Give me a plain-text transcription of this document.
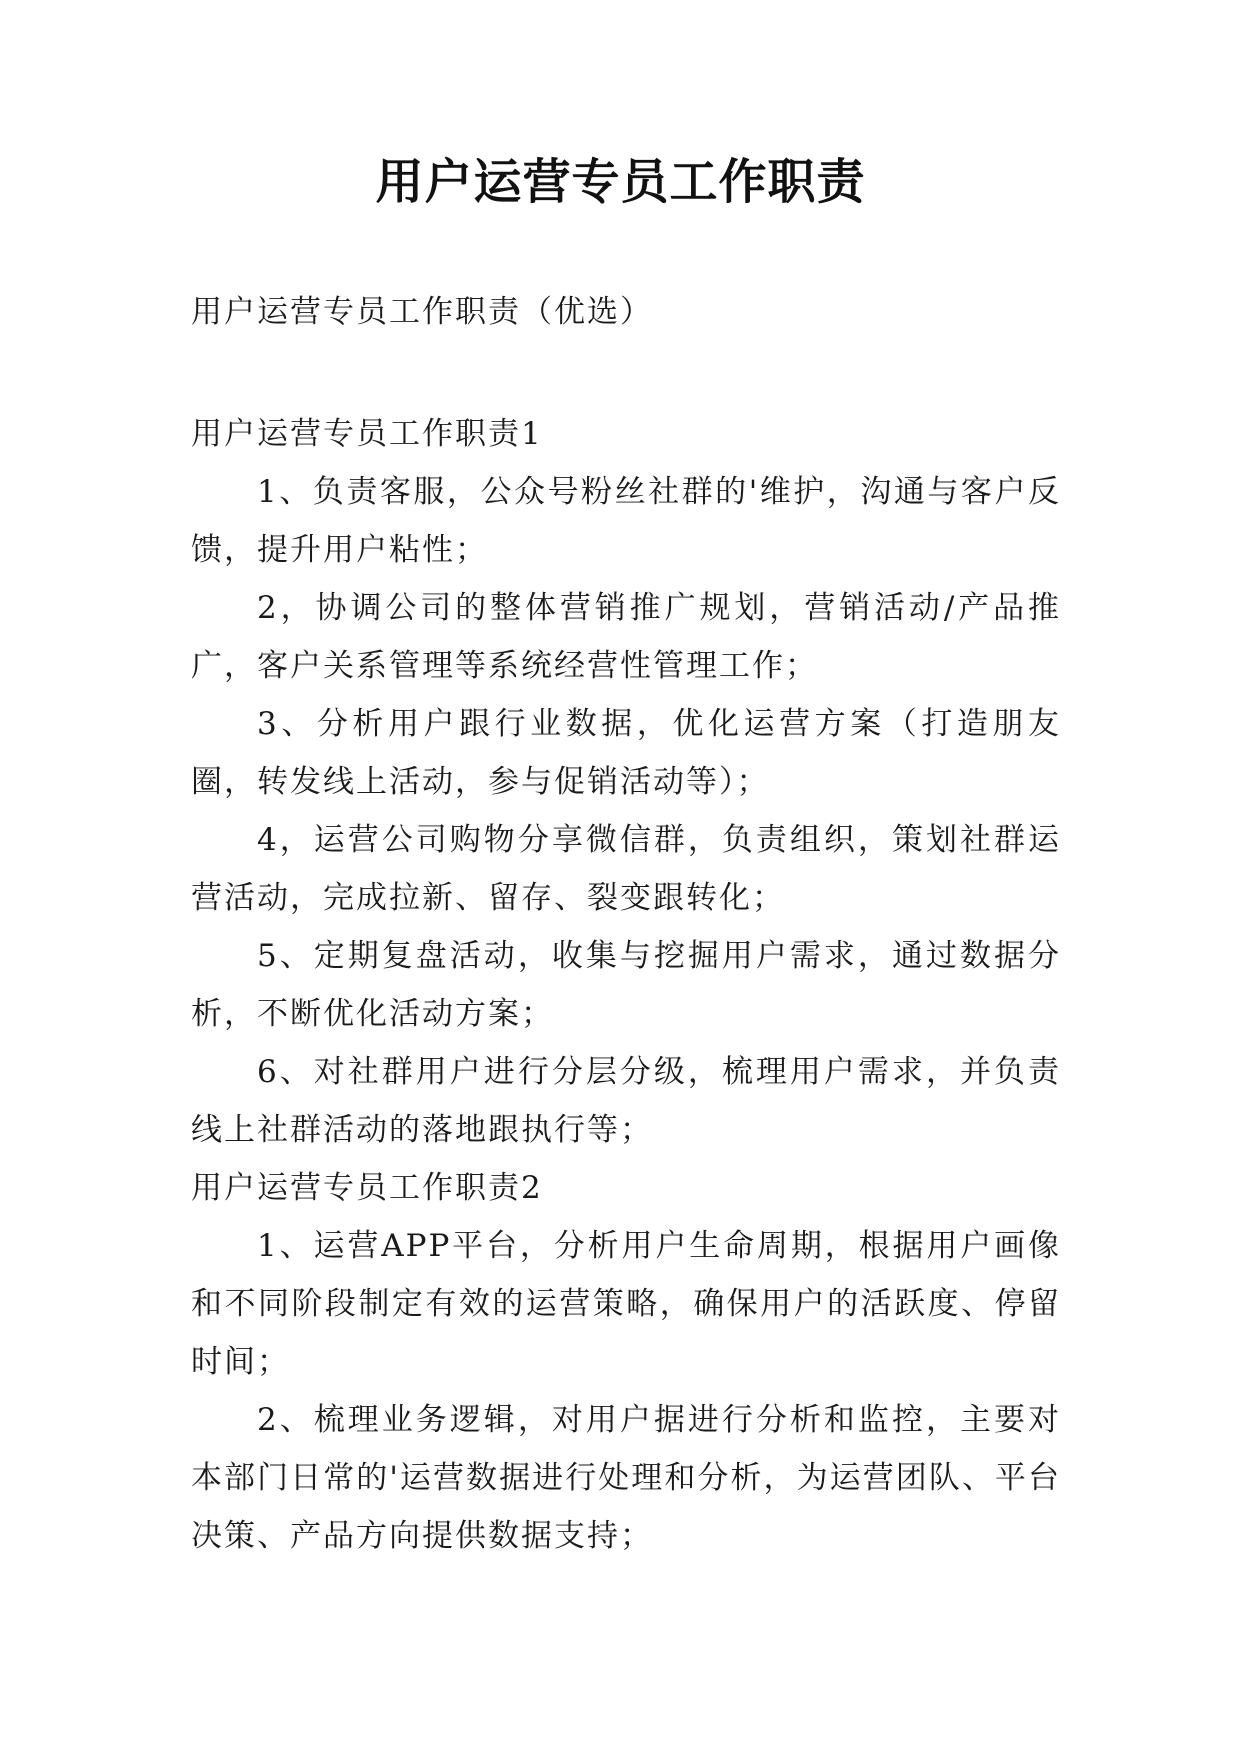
用户运营专员工作职责
用户运营专员工作职责（优选）

用户运营专员工作职责1

1、负责客服，公众号粉丝社群的'维护，沟通与客户反馈，提升用户粘性；

2，协调公司的整体营销推广规划，营销活动/产品推广，客户关系管理等系统经营性管理工作；

3、分析用户跟行业数据，优化运营方案（打造朋友圈，转发线上活动，参与促销活动等）；

4，运营公司购物分享微信群，负责组织，策划社群运营活动，完成拉新、留存、裂变跟转化；

5、定期复盘活动，收集与挖掘用户需求，通过数据分析，不断优化活动方案；

6、对社群用户进行分层分级，梳理用户需求，并负责线上社群活动的落地跟执行等；

用户运营专员工作职责2

1、运营APP平台，分析用户生命周期，根据用户画像和不同阶段制定有效的运营策略，确保用户的活跃度、停留时间；

2、梳理业务逻辑，对用户据进行分析和监控，主要对本部门日常的'运营数据进行处理和分析，为运营团队、平台决策、产品方向提供数据支持；
